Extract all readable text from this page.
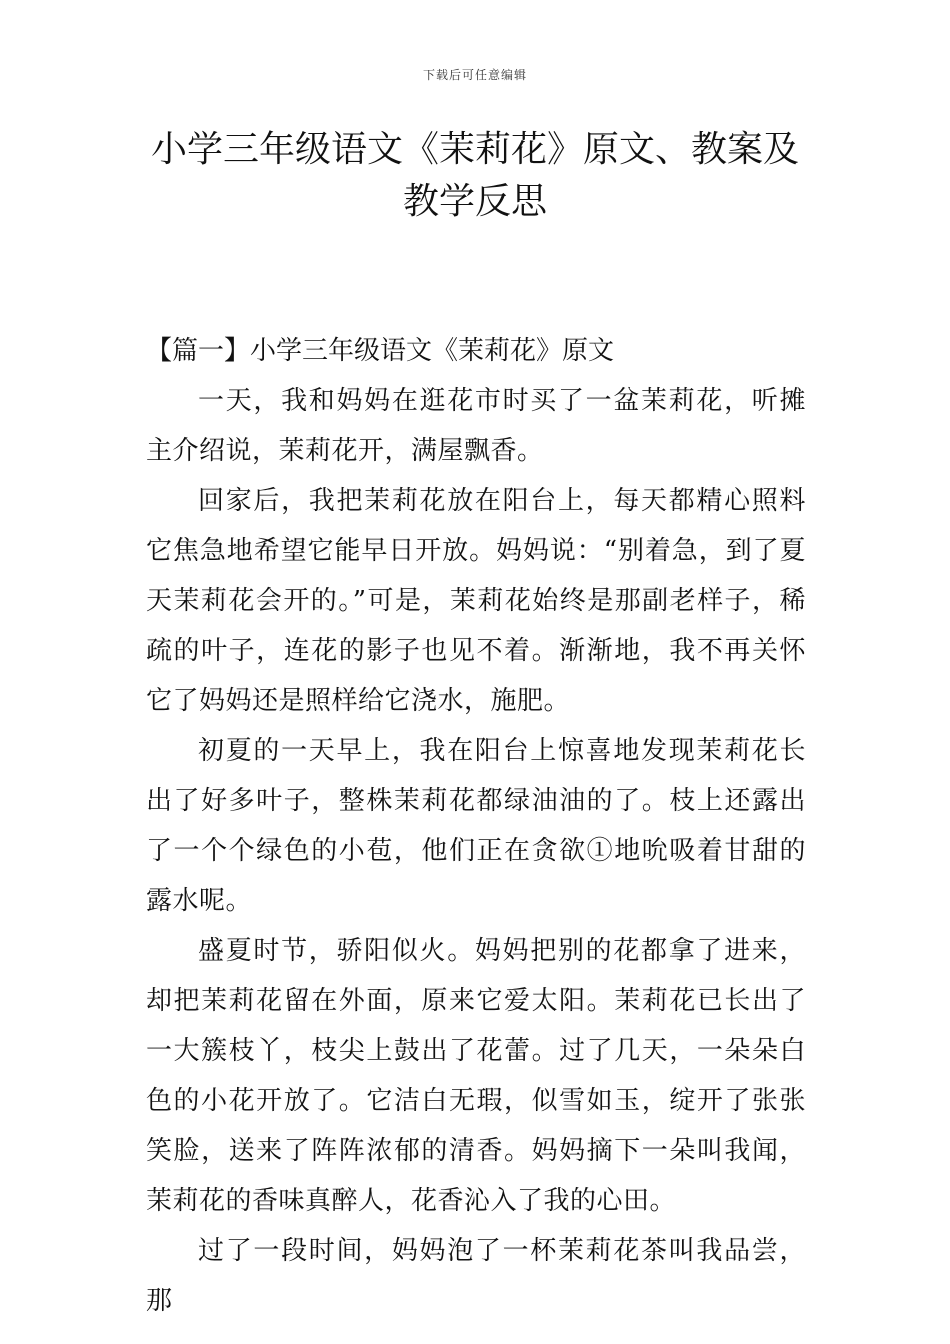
下载后可任意编辑
小学三年级语文《茉莉花》原文、教案及
教学反思

【篇一】小学三年级语文《茉莉花》原文

一天，我和妈妈在逛花市时买了一盆茉莉花，听摊主介绍说，茉莉花开，满屋飘香。

回家后，我把茉莉花放在阳台上，每天都精心照料它焦急地希望它能早日开放。妈妈说：“别着急，到了夏天茉莉花会开的。”可是，茉莉花始终是那副老样子，稀疏的叶子，连花的影子也见不着。渐渐地，我不再关怀它了妈妈还是照样给它浇水，施肥。

初夏的一天早上，我在阳台上惊喜地发现茉莉花长出了好多叶子，整株茉莉花都绿油油的了。枝上还露出了一个个绿色的小苞，他们正在贪欲①地吮吸着甘甜的露水呢。

盛夏时节，骄阳似火。妈妈把别的花都拿了进来，却把茉莉花留在外面，原来它爱太阳。茉莉花已长出了一大簇枝丫，枝尖上鼓出了花蕾。过了几天，一朵朵白色的小花开放了。它洁白无瑕，似雪如玉，绽开了张张笑脸，送来了阵阵浓郁的清香。妈妈摘下一朵叫我闻，茉莉花的香味真醉人，花香沁入了我的心田。

过了一段时间，妈妈泡了一杯茉莉花茶叫我品尝，那
